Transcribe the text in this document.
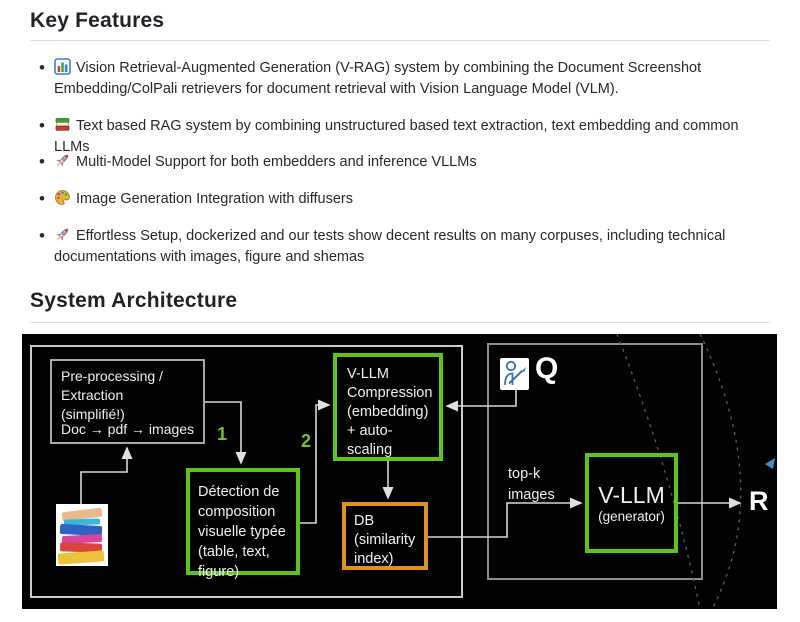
Key Features
• Vision Retrieval-Augmented Generation (V-RAG) system by combining the Document Screenshot Embedding/ColPali retrievers for document retrieval with Vision Language Model (VLM).
• Text based RAG system by combining unstructured based text extraction, text embedding and common LLMs
• Multi-Model Support for both embedders and inference VLLMs
• Image Generation Integration with diffusers
• Effortless Setup, dockerized and our tests show decent results on many corpuses, including technical documentations with images, figure and shemas
System Architecture
Pre-processing /
Extraction
(simplifié!)
Doc → pdf → images 1	2
Détection de
composition
visuelle typée
(table, text,
figure)
V-LLM
Compression
(embedding)
+ auto-
scaling
DB
(similarity
index)
V-LLM
(generator)
Q
top-k
images	R
